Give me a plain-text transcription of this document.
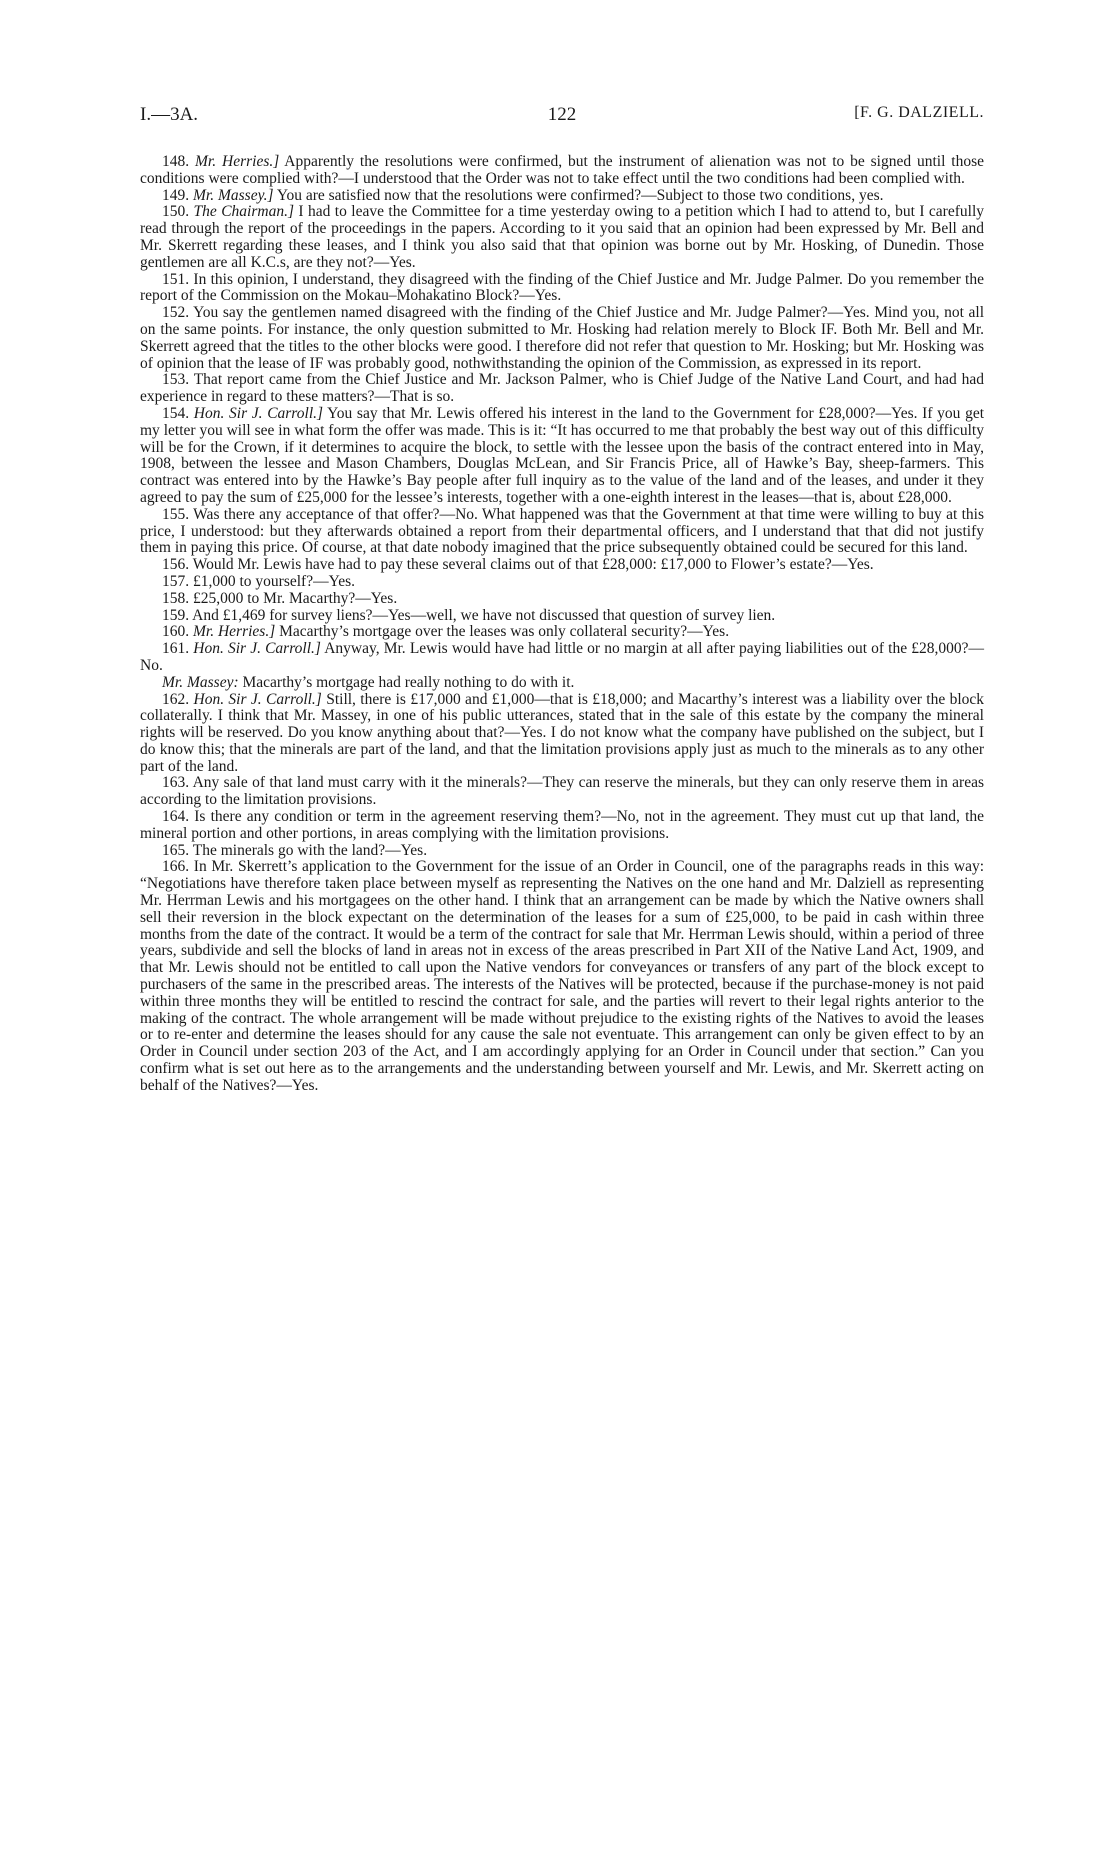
I.—3A.	122	[F. G. DALZIELL.

148. Mr. Herries.] Apparently the resolutions were confirmed, but the instrument of alienation was not to be signed until those conditions were complied with?—I understood that the Order was not to take effect until the two conditions had been complied with.

149. Mr. Massey.] You are satisfied now that the resolutions were confirmed?—Subject to those two conditions, yes.

150. The Chairman.] I had to leave the Committee for a time yesterday owing to a petition which I had to attend to, but I carefully read through the report of the proceedings in the papers. According to it you said that an opinion had been expressed by Mr. Bell and Mr. Skerrett regarding these leases, and I think you also said that that opinion was borne out by Mr. Hosking, of Dunedin. Those gentlemen are all K.C.s, are they not?—Yes.

151. In this opinion, I understand, they disagreed with the finding of the Chief Justice and Mr. Judge Palmer. Do you remember the report of the Commission on the Mokau–Mohakatino Block?—Yes.

152. You say the gentlemen named disagreed with the finding of the Chief Justice and Mr. Judge Palmer?—Yes. Mind you, not all on the same points. For instance, the only question submitted to Mr. Hosking had relation merely to Block IF. Both Mr. Bell and Mr. Skerrett agreed that the titles to the other blocks were good. I therefore did not refer that question to Mr. Hosking; but Mr. Hosking was of opinion that the lease of IF was probably good, nothwithstanding the opinion of the Commission, as expressed in its report.

153. That report came from the Chief Justice and Mr. Jackson Palmer, who is Chief Judge of the Native Land Court, and had had experience in regard to these matters?—That is so.

154. Hon. Sir J. Carroll.] You say that Mr. Lewis offered his interest in the land to the Government for £28,000?—Yes. If you get my letter you will see in what form the offer was made. This is it: “It has occurred to me that probably the best way out of this difficulty will be for the Crown, if it determines to acquire the block, to settle with the lessee upon the basis of the contract entered into in May, 1908, between the lessee and Mason Chambers, Douglas McLean, and Sir Francis Price, all of Hawke’s Bay, sheep-farmers. This contract was entered into by the Hawke’s Bay people after full inquiry as to the value of the land and of the leases, and under it they agreed to pay the sum of £25,000 for the lessee’s interests, together with a one-eighth interest in the leases—that is, about £28,000.

155. Was there any acceptance of that offer?—No. What happened was that the Government at that time were willing to buy at this price, I understood: but they afterwards obtained a report from their departmental officers, and I understand that that did not justify them in paying this price. Of course, at that date nobody imagined that the price subsequently obtained could be secured for this land.

156. Would Mr. Lewis have had to pay these several claims out of that £28,000: £17,000 to Flower’s estate?—Yes.

157. £1,000 to yourself?—Yes.

158. £25,000 to Mr. Macarthy?—Yes.

159. And £1,469 for survey liens?—Yes—well, we have not discussed that question of survey lien.

160. Mr. Herries.] Macarthy’s mortgage over the leases was only collateral security?—Yes.

161. Hon. Sir J. Carroll.] Anyway, Mr. Lewis would have had little or no margin at all after paying liabilities out of the £28,000?—No.

Mr. Massey: Macarthy’s mortgage had really nothing to do with it.

162. Hon. Sir J. Carroll.] Still, there is £17,000 and £1,000—that is £18,000; and Macarthy’s interest was a liability over the block collaterally. I think that Mr. Massey, in one of his public utterances, stated that in the sale of this estate by the company the mineral rights will be reserved. Do you know anything about that?—Yes. I do not know what the company have published on the subject, but I do know this; that the minerals are part of the land, and that the limitation provisions apply just as much to the minerals as to any other part of the land.

163. Any sale of that land must carry with it the minerals?—They can reserve the minerals, but they can only reserve them in areas according to the limitation provisions.

164. Is there any condition or term in the agreement reserving them?—No, not in the agreement. They must cut up that land, the mineral portion and other portions, in areas complying with the limitation provisions.

165. The minerals go with the land?—Yes.

166. In Mr. Skerrett’s application to the Government for the issue of an Order in Council, one of the paragraphs reads in this way: “Negotiations have therefore taken place between myself as representing the Natives on the one hand and Mr. Dalziell as representing Mr. Herrman Lewis and his mortgagees on the other hand. I think that an arrangement can be made by which the Native owners shall sell their reversion in the block expectant on the determination of the leases for a sum of £25,000, to be paid in cash within three months from the date of the contract. It would be a term of the contract for sale that Mr. Herrman Lewis should, within a period of three years, subdivide and sell the blocks of land in areas not in excess of the areas prescribed in Part XII of the Native Land Act, 1909, and that Mr. Lewis should not be entitled to call upon the Native vendors for conveyances or transfers of any part of the block except to purchasers of the same in the prescribed areas. The interests of the Natives will be protected, because if the purchase-money is not paid within three months they will be entitled to rescind the contract for sale, and the parties will revert to their legal rights anterior to the making of the contract. The whole arrangement will be made without prejudice to the existing rights of the Natives to avoid the leases or to re-enter and determine the leases should for any cause the sale not eventuate. This arrangement can only be given effect to by an Order in Council under section 203 of the Act, and I am accordingly applying for an Order in Council under that section.” Can you confirm what is set out here as to the arrangements and the understanding between yourself and Mr. Lewis, and Mr. Skerrett acting on behalf of the Natives?—Yes.
